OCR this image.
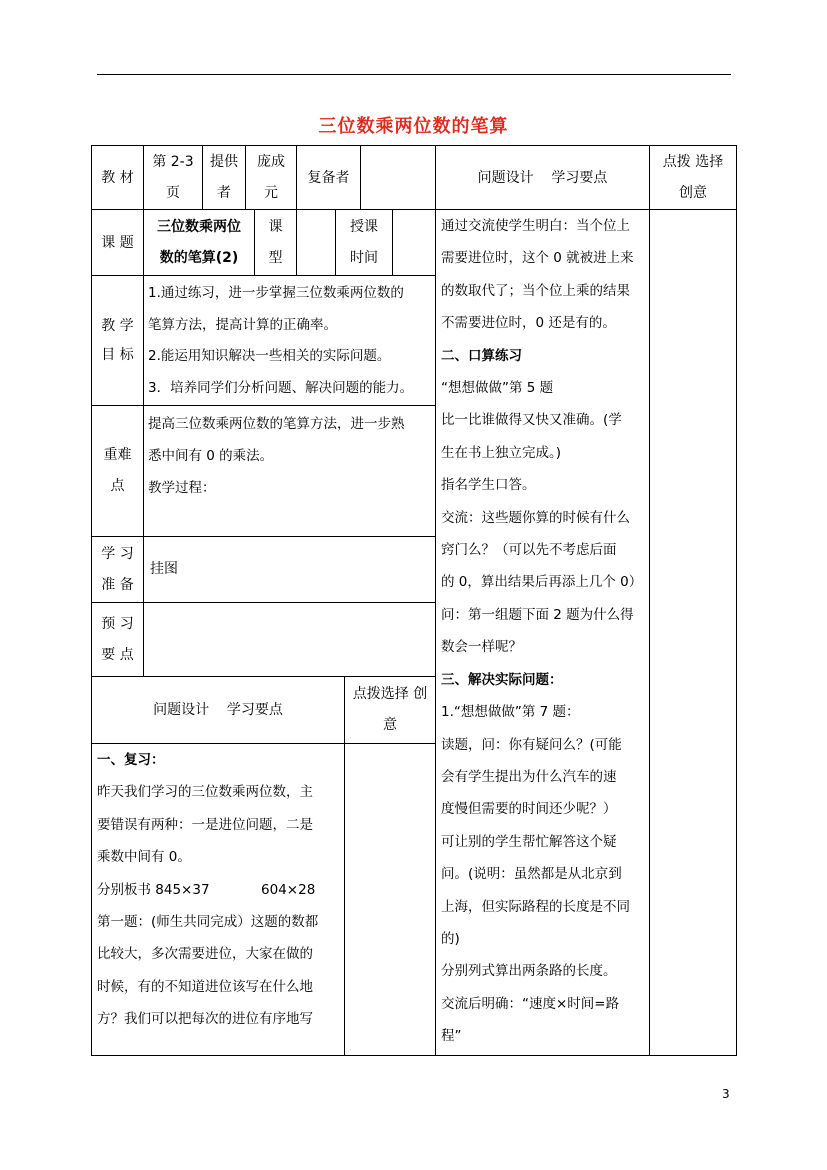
三位数乘两位数的笔算
教 材
第 2-3
页
提供
者
庞成
元
复备者	问题设计    学习要点
点拨 选择
创意
课 题
三位数乘两位
数的笔算(2)
课
型
授课
时间
教 学
目 标
1.通过练习，进一步掌握三位数乘两位数的
笔算方法，提高计算的正确率。
2.能运用知识解决一些相关的实际问题。
3．培养同学们分析问题、解决问题的能力。
重难
点
提高三位数乘两位数的笔算方法，进一步熟
悉中间有 0 的乘法。
教学过程：
学 习
准 备
挂图
预 习
要 点
问题设计    学习要点
点拨选择 创
意
一、复习：
昨天我们学习的三位数乘两位数，主
要错误有两种：一是进位问题，二是
乘数中间有 0。
分别板书 845×37            604×28
第一题：(师生共同完成）这题的数都
比较大，多次需要进位，大家在做的
时候，有的不知道进位该写在什么地
方？我们可以把每次的进位有序地写
通过交流使学生明白：当个位上
需要进位时，这个 0 就被进上来
的数取代了；当个位上乘的结果
不需要进位时，0 还是有的。
二、口算练习
“想想做做”第 5 题
比一比谁做得又快又准确。(学
生在书上独立完成。)
指名学生口答。
交流：这些题你算的时候有什么
窍门么？（可以先不考虑后面
的 0，算出结果后再添上几个 0）
问：第一组题下面 2 题为什么得
数会一样呢？
三、解决实际问题：
1.“想想做做”第 7 题：
读题，问：你有疑问么？(可能
会有学生提出为什么汽车的速
度慢但需要的时间还少呢？）
可让别的学生帮忙解答这个疑
问。(说明：虽然都是从北京到
上海，但实际路程的长度是不同
的)
分别列式算出两条路的长度。
交流后明确：“速度×时间=路
程”
3
